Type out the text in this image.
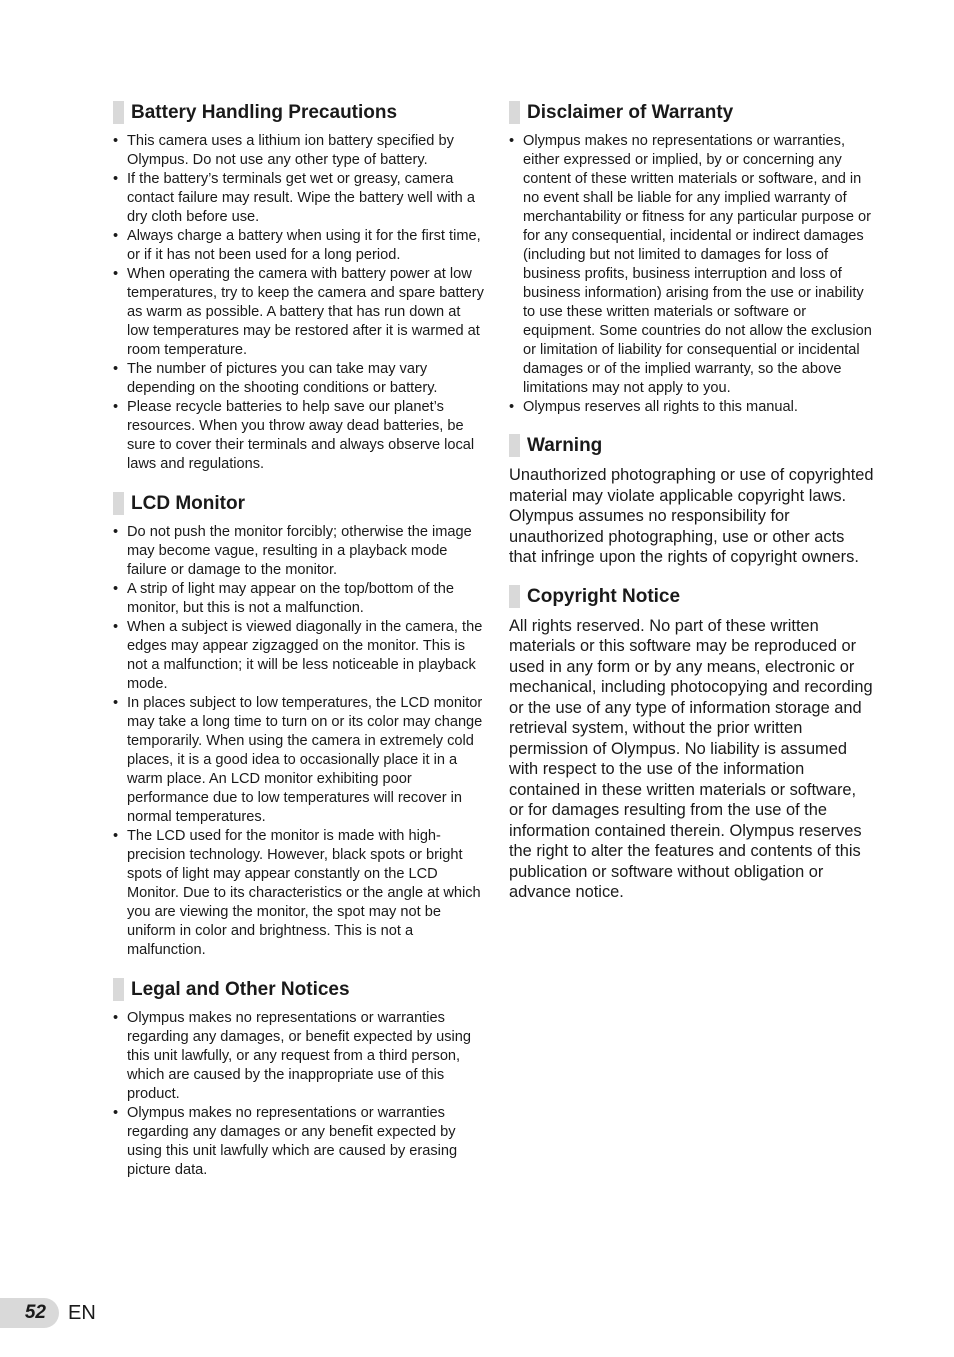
Battery Handling Precautions
• This camera uses a lithium ion battery specified by Olympus. Do not use any other type of battery.
• If the battery’s terminals get wet or greasy, camera contact failure may result. Wipe the battery well with a dry cloth before use.
• Always charge a battery when using it for the first time, or if it has not been used for a long period.
• When operating the camera with battery power at low temperatures, try to keep the camera and spare battery as warm as possible. A battery that has run down at low temperatures may be restored after it is warmed at room temperature.
• The number of pictures you can take may vary depending on the shooting conditions or battery.
• Please recycle batteries to help save our planet’s resources. When you throw away dead batteries, be sure to cover their terminals and always observe local laws and regulations.
LCD Monitor
• Do not push the monitor forcibly; otherwise the image may become vague, resulting in a playback mode failure or damage to the monitor.
• A strip of light may appear on the top/bottom of the monitor, but this is not a malfunction.
• When a subject is viewed diagonally in the camera, the edges may appear zigzagged on the monitor. This is not a malfunction; it will be less noticeable in playback mode.
• In places subject to low temperatures, the LCD monitor may take a long time to turn on or its color may change temporarily. When using the camera in extremely cold places, it is a good idea to occasionally place it in a warm place. An LCD monitor exhibiting poor performance due to low temperatures will recover in normal temperatures.
• The LCD used for the monitor is made with high-precision technology. However, black spots or bright spots of light may appear constantly on the LCD Monitor. Due to its characteristics or the angle at which you are viewing the monitor, the spot may not be uniform in color and brightness. This is not a malfunction.
Legal and Other Notices
• Olympus makes no representations or warranties regarding any damages, or benefit expected by using this unit lawfully, or any request from a third person, which are caused by the inappropriate use of this product.
• Olympus makes no representations or warranties regarding any damages or any benefit expected by using this unit lawfully which are caused by erasing picture data.
Disclaimer of Warranty
• Olympus makes no representations or warranties, either expressed or implied, by or concerning any content of these written materials or software, and in no event shall be liable for any implied warranty of merchantability or fitness for any particular purpose or for any consequential, incidental or indirect damages (including but not limited to damages for loss of business profits, business interruption and loss of business information) arising from the use or inability to use these written materials or software or equipment. Some countries do not allow the exclusion or limitation of liability for consequential or incidental damages or of the implied warranty, so the above limitations may not apply to you.
• Olympus reserves all rights to this manual.
Warning

Unauthorized photographing or use of copyrighted material may violate applicable copyright laws. Olympus assumes no responsibility for unauthorized photographing, use or other acts that infringe upon the rights of copyright owners.

Copyright Notice

All rights reserved. No part of these written materials or this software may be reproduced or used in any form or by any means, electronic or mechanical, including photocopying and recording or the use of any type of information storage and retrieval system, without the prior written permission of Olympus. No liability is assumed with respect to the use of the information contained in these written materials or software, or for damages resulting from the use of the information contained therein. Olympus reserves the right to alter the features and contents of this publication or software without obligation or advance notice.

52	EN
